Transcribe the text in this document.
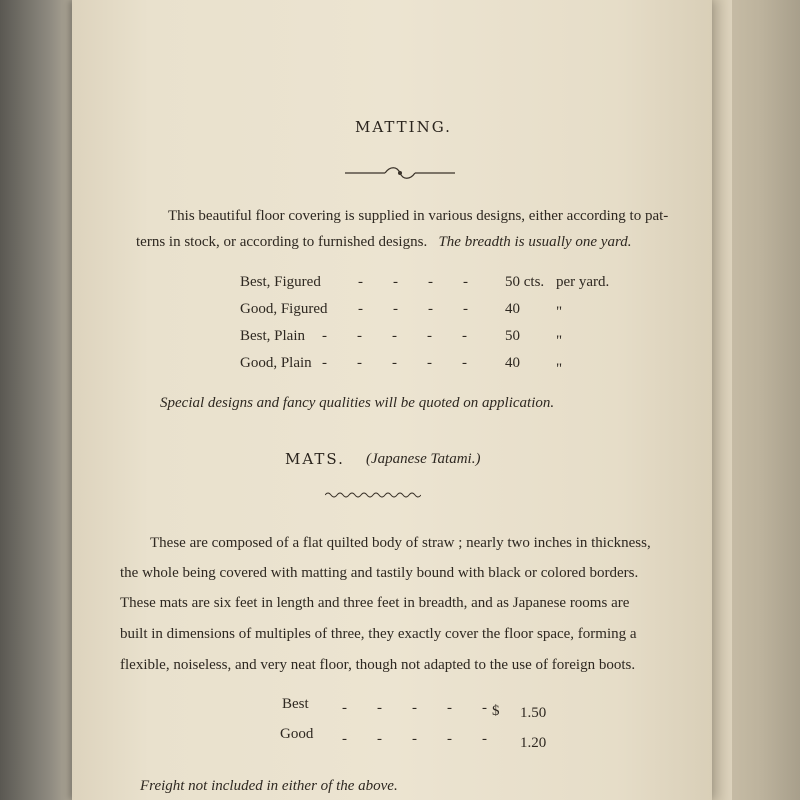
MATTING.
This beautiful floor covering is supplied in various designs, either according to pat-
terns in stock, or according to furnished designs. The breadth is usually one yard.
Best, Figured -        -        -        - 50 cts. per yard.
Good, Figured -        -        -        - 40 "
Best, Plain -        -        -        -        -	50 "
Good, Plain -        -        -        -        -	40 "
Special designs and fancy qualities will be quoted on application.
MATS. (Japanese Tatami.)
These are composed of a flat quilted body of straw ; nearly two inches in thickness,
the whole being covered with matting and tastily bound with black or colored borders.
These mats are six feet in length and three feet in breadth, and as Japanese rooms are
built in dimensions of multiples of three, they exactly cover the floor space, forming a
flexible, noiseless, and very neat floor, though not adapted to the use of foreign boots.
Best -        -        -        -        - $ 1.50
Good -        -        -        -        - 1.20
Freight not included in either of the above.
